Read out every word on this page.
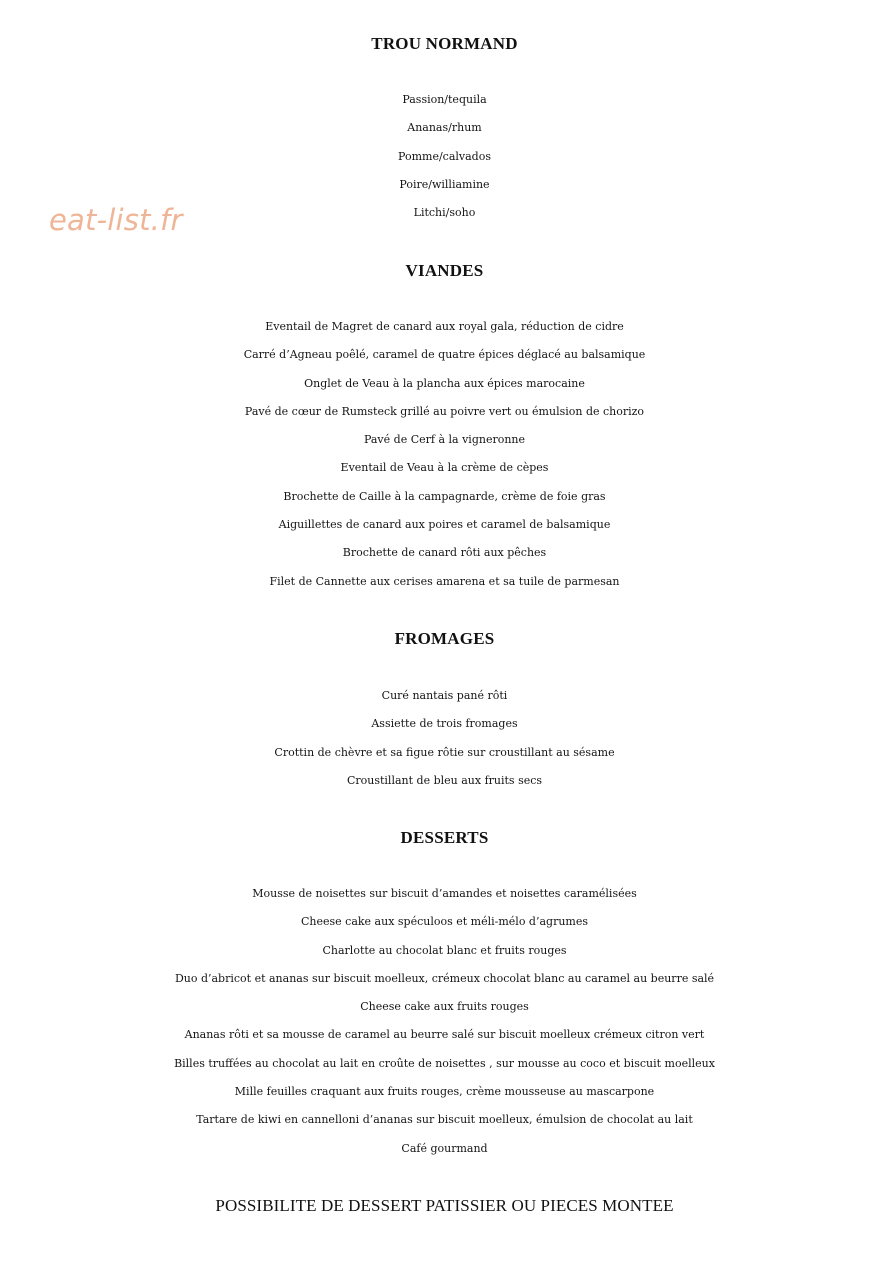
eat-list.fr
TROU NORMAND
Passion/tequila
Ananas/rhum
Pomme/calvados
Poire/williamine
Litchi/soho
VIANDES
Eventail de Magret de canard aux royal gala, réduction de cidre
Carré d’Agneau poêlé, caramel de quatre épices déglacé au balsamique
Onglet de Veau à la plancha aux épices marocaine
Pavé de cœur de Rumsteck grillé au poivre vert ou émulsion de chorizo
Pavé de Cerf à la vigneronne
Eventail de Veau à la crème de cèpes
Brochette de Caille à la campagnarde, crème de foie gras
Aiguillettes de canard aux poires et caramel de balsamique
Brochette de canard rôti aux pêches
Filet de Cannette aux cerises amarena et sa tuile de parmesan
FROMAGES
Curé nantais pané rôti
Assiette de trois fromages
Crottin de chèvre et sa figue rôtie sur croustillant au sésame
Croustillant de bleu aux fruits secs
DESSERTS
Mousse de noisettes sur biscuit d’amandes et noisettes caramélisées
Cheese cake aux spéculoos et méli-mélo d’agrumes
Charlotte au chocolat blanc et fruits rouges
Duo d’abricot et ananas sur biscuit moelleux, crémeux chocolat blanc au caramel au beurre salé
Cheese cake aux fruits rouges
Ananas rôti et sa mousse de caramel au beurre salé sur biscuit moelleux crémeux citron vert
Billes truffées au chocolat au lait en croûte de noisettes , sur mousse au coco et biscuit moelleux
Mille feuilles craquant aux fruits rouges, crème mousseuse au mascarpone
Tartare de kiwi en cannelloni d’ananas sur biscuit moelleux, émulsion de chocolat au lait
Café gourmand

POSSIBILITE DE DESSERT PATISSIER OU PIECES MONTEE
